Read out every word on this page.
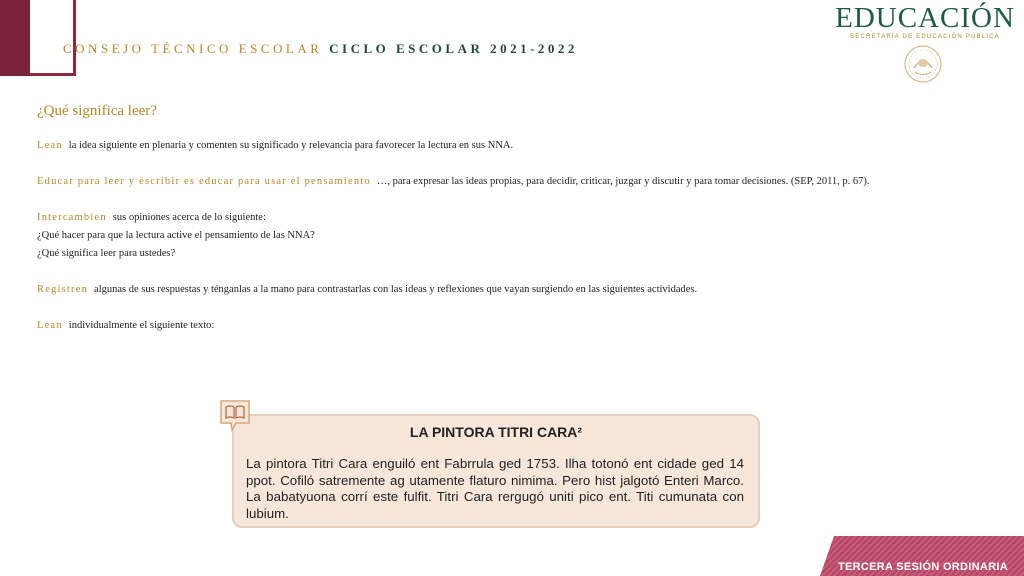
CONSEJO TÉCNICO ESCOLAR CICLO ESCOLAR 2021-2022
EDUCACIÓN
SECRETARÍA DE EDUCACIÓN PÚBLICA
¿Qué significa leer?
Lean la idea siguiente en plenaria y comenten su significado y relevancia para favorecer la lectura en sus NNA.
Educar para leer y escribir es educar para usar el pensamiento …, para expresar las ideas propias, para decidir, criticar, juzgar y discutir y para tomar decisiones. (SEP, 2011, p. 67).
Intercambien sus opiniones acerca de lo siguiente:
¿Qué hacer para que la lectura active el pensamiento de las NNA?
¿Qué significa leer para ustedes?
Registren algunas de sus respuestas y ténganlas a la mano para contrastarlas con las ideas y reflexiones que vayan surgiendo en las siguientes actividades.
Lean individualmente el siguiente texto:
LA PINTORA TITRI CARA²
La pintora Titri Cara enguiló ent Fabrrula ged 1753. Ilha totonó ent cidade ged 14 ppot. Cofiló satremente ag utamente flaturo nimima. Pero hist jalgotó Enteri Marco. La babatyuona corrí este fulfit. Titri Cara rergugó uniti pico ent. Titi cumunata con lubium.
TERCERA SESIÓN ORDINARIA
